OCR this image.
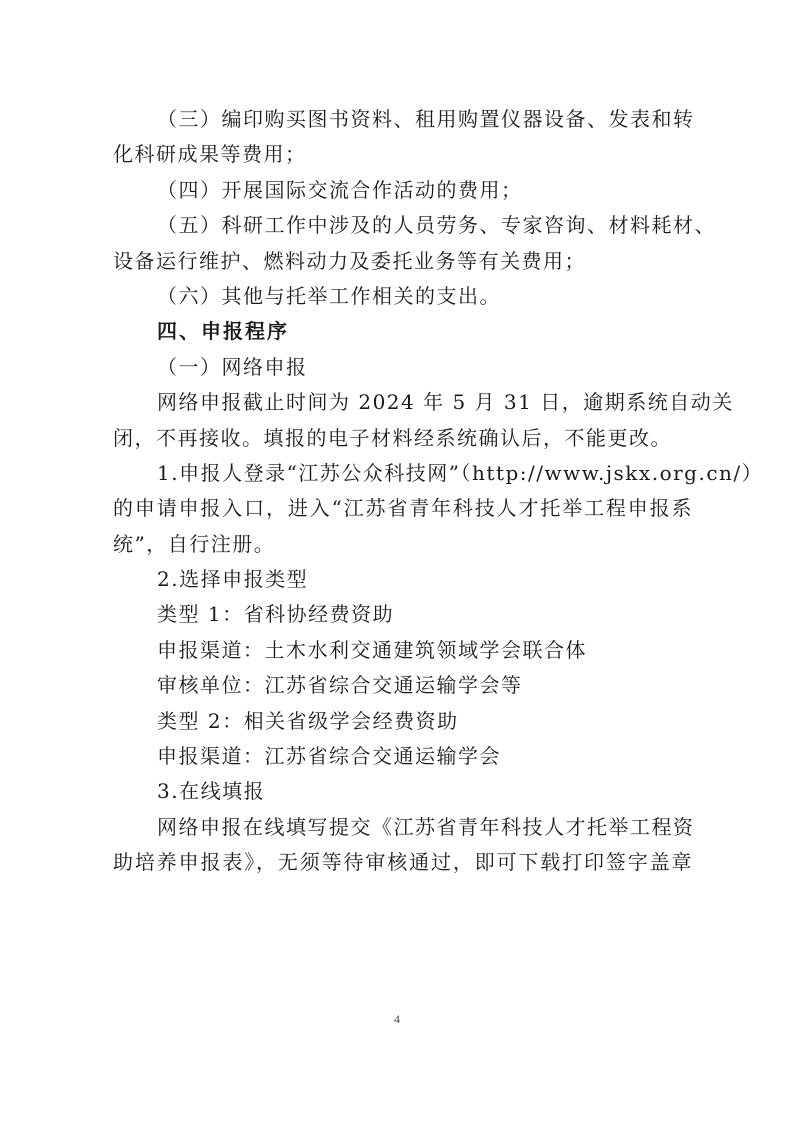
（三）编印购买图书资料、租用购置仪器设备、发表和转
化科研成果等费用；
（四）开展国际交流合作活动的费用；
（五）科研工作中涉及的人员劳务、专家咨询、材料耗材、
设备运行维护、燃料动力及委托业务等有关费用；
（六）其他与托举工作相关的支出。
四、申报程序
（一）网络申报
网络申报截止时间为 2024 年 5 月 31 日，逾期系统自动关
闭，不再接收。填报的电子材料经系统确认后，不能更改。
1.申报人登录“江苏公众科技网”（http://www.jskx.org.cn/）
的申请申报入口，进入“江苏省青年科技人才托举工程申报系
统”，自行注册。
2.选择申报类型
类型 1：省科协经费资助
申报渠道：土木水利交通建筑领域学会联合体
审核单位：江苏省综合交通运输学会等
类型 2：相关省级学会经费资助
申报渠道：江苏省综合交通运输学会
3.在线填报
网络申报在线填写提交《江苏省青年科技人才托举工程资
助培养申报表》，无须等待审核通过，即可下载打印签字盖章
4
